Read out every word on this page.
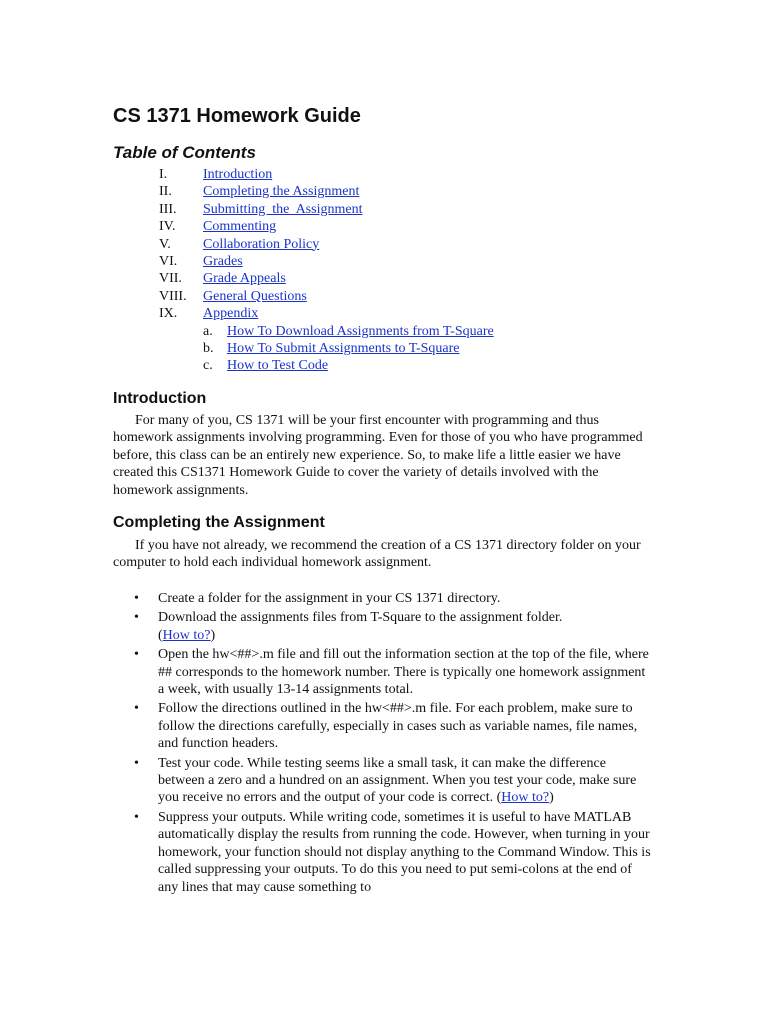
CS 1371 Homework Guide
Table of Contents
I.	Introduction
II. Completing the Assignment
III. Submitting  the  Assignment
IV. Commenting
V. Collaboration Policy
VI. Grades
VII. Grade Appeals
VIII. General Questions
IX. Appendix
a. How To Download Assignments from T-Square
b. How To Submit Assignments to T-Square
c. How to Test Code
Introduction

For many of you, CS 1371 will be your first encounter with programming and thus homework assignments involving programming. Even for those of you who have programmed before, this class can be an entirely new experience. So, to make life a little easier we have created this CS1371 Homework Guide to cover the variety of details involved with the homework assignments.

Completing the Assignment

If you have not already, we recommend the creation of a CS 1371 directory folder on your computer to hold each individual homework assignment.

• Create a folder for the assignment in your CS 1371 directory.
• Download the assignments files from T-Square to the assignment folder.
(How to?)
• Open the hw<##>.m file and fill out the information section at the top of the file, where ## corresponds to the homework number. There is typically one homework assignment a week, with usually 13-14 assignments total.
• Follow the directions outlined in the hw<##>.m file. For each problem, make sure to follow the directions carefully, especially in cases such as variable names, file names, and function headers.
• Test your code. While testing seems like a small task, it can make the difference between a zero and a hundred on an assignment. When you test your code, make sure you receive no errors and the output of your code is correct. (How to?)
• Suppress your outputs. While writing code, sometimes it is useful to have MATLAB automatically display the results from running the code. However, when turning in your homework, your function should not display anything to the Command Window. This is called suppressing your outputs. To do this you need to put semi-colons at the end of any lines that may cause something to
